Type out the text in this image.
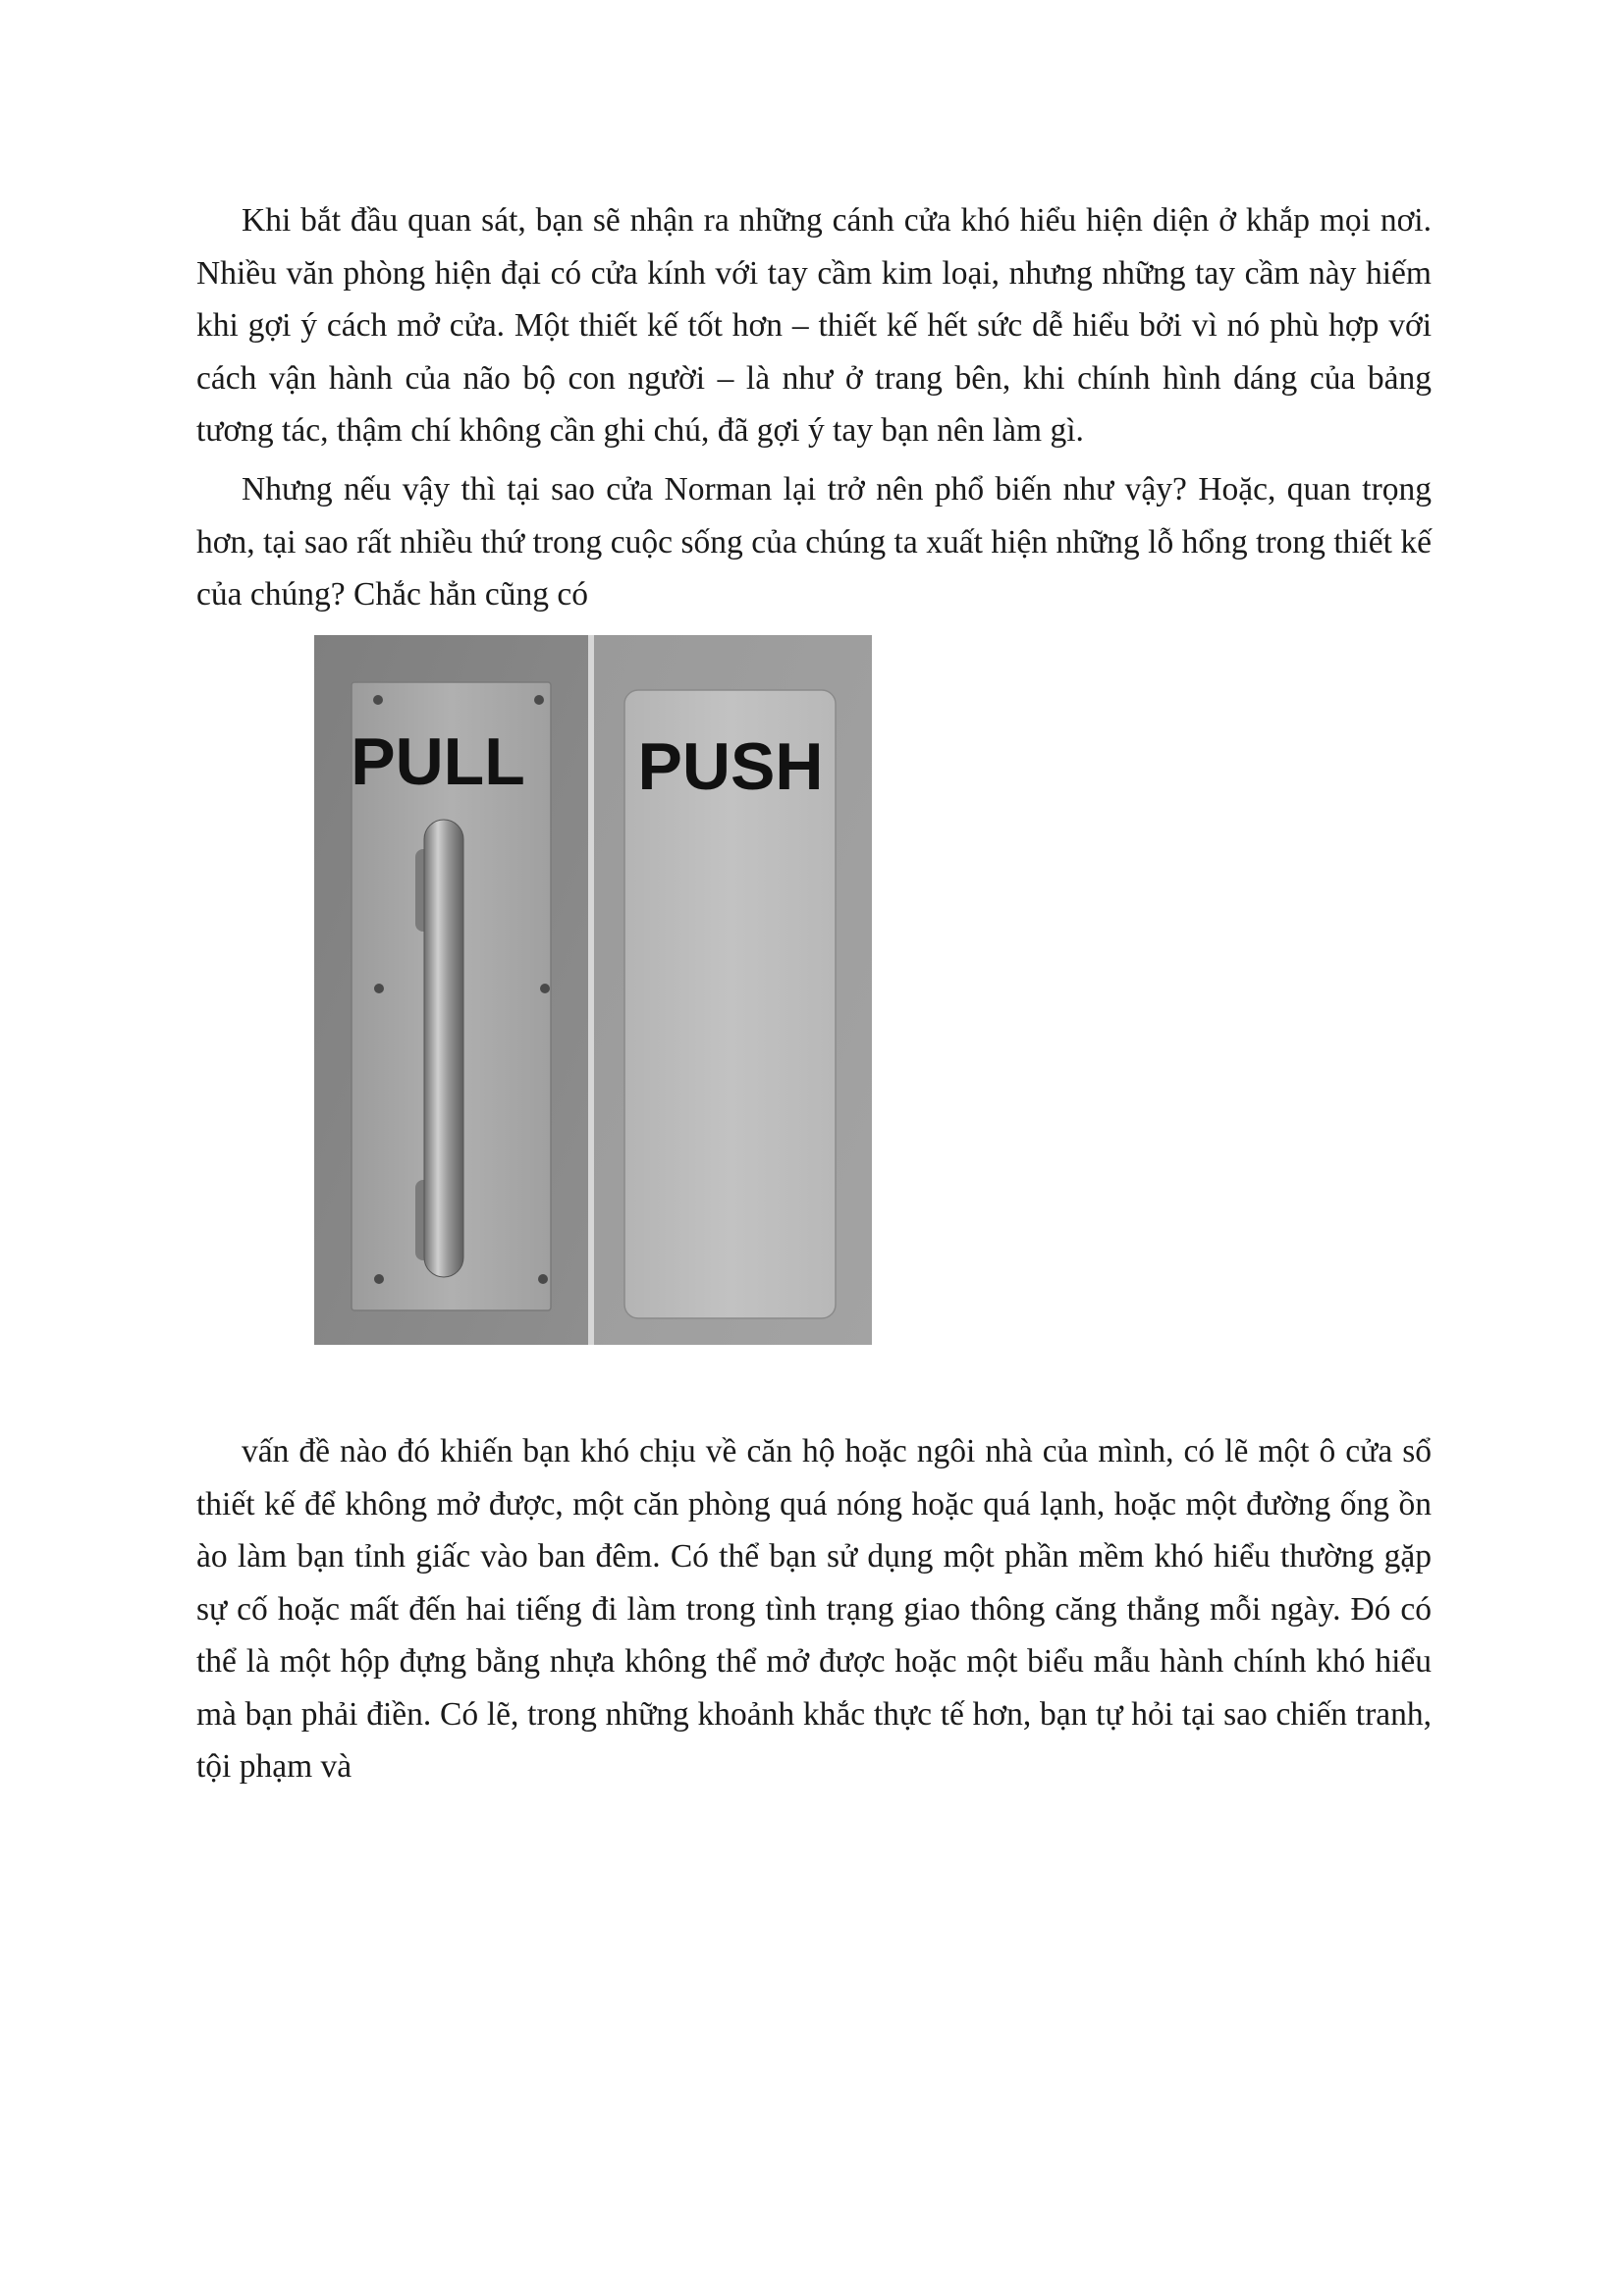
Khi bắt đầu quan sát, bạn sẽ nhận ra những cánh cửa khó hiểu hiện diện ở khắp mọi nơi. Nhiều văn phòng hiện đại có cửa kính với tay cầm kim loại, nhưng những tay cầm này hiếm khi gợi ý cách mở cửa. Một thiết kế tốt hơn – thiết kế hết sức dễ hiểu bởi vì nó phù hợp với cách vận hành của não bộ con người – là như ở trang bên, khi chính hình dáng của bảng tương tác, thậm chí không cần ghi chú, đã gợi ý tay bạn nên làm gì.

Nhưng nếu vậy thì tại sao cửa Norman lại trở nên phổ biến như vậy? Hoặc, quan trọng hơn, tại sao rất nhiều thứ trong cuộc sống của chúng ta xuất hiện những lỗ hổng trong thiết kế của chúng? Chắc hẳn cũng có

PULL PUSH

vấn đề nào đó khiến bạn khó chịu về căn hộ hoặc ngôi nhà của mình, có lẽ một ô cửa sổ thiết kế để không mở được, một căn phòng quá nóng hoặc quá lạnh, hoặc một đường ống ồn ào làm bạn tỉnh giấc vào ban đêm. Có thể bạn sử dụng một phần mềm khó hiểu thường gặp sự cố hoặc mất đến hai tiếng đi làm trong tình trạng giao thông căng thẳng mỗi ngày. Đó có thể là một hộp đựng bằng nhựa không thể mở được hoặc một biểu mẫu hành chính khó hiểu mà bạn phải điền. Có lẽ, trong những khoảnh khắc thực tế hơn, bạn tự hỏi tại sao chiến tranh, tội phạm và
